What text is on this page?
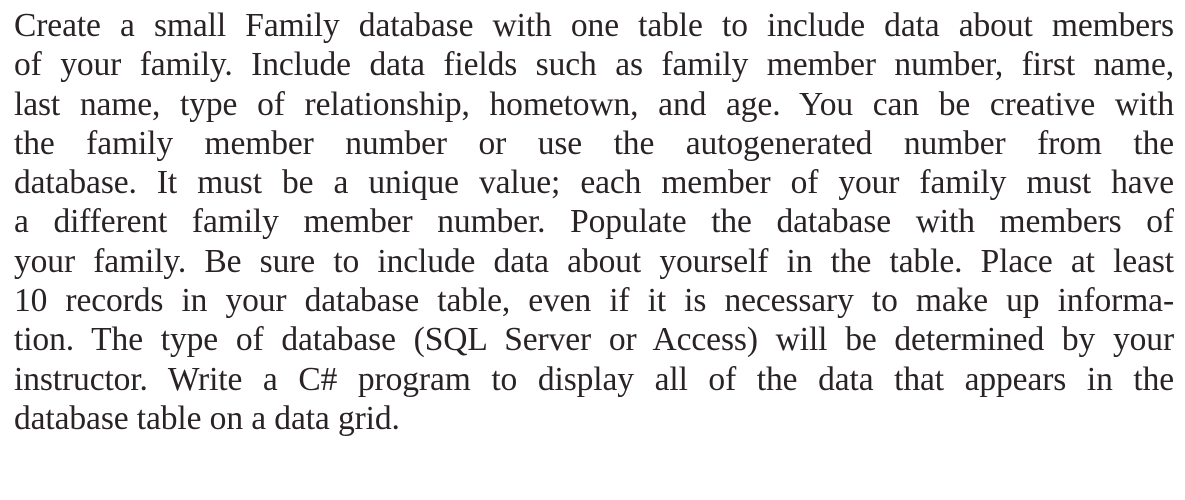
Create a small Family database with one table to include data about members
of your family. Include data fields such as family member number, first name,
last name, type of relationship, hometown, and age. You can be creative with
the family member number or use the autogenerated number from the
database. It must be a unique value; each member of your family must have
a different family member number. Populate the database with members of
your family. Be sure to include data about yourself in the table. Place at least
10 records in your database table, even if it is necessary to make up informa-
tion. The type of database (SQL Server or Access) will be determined by your
instructor. Write a C# program to display all of the data that appears in the
database table on a data grid.
